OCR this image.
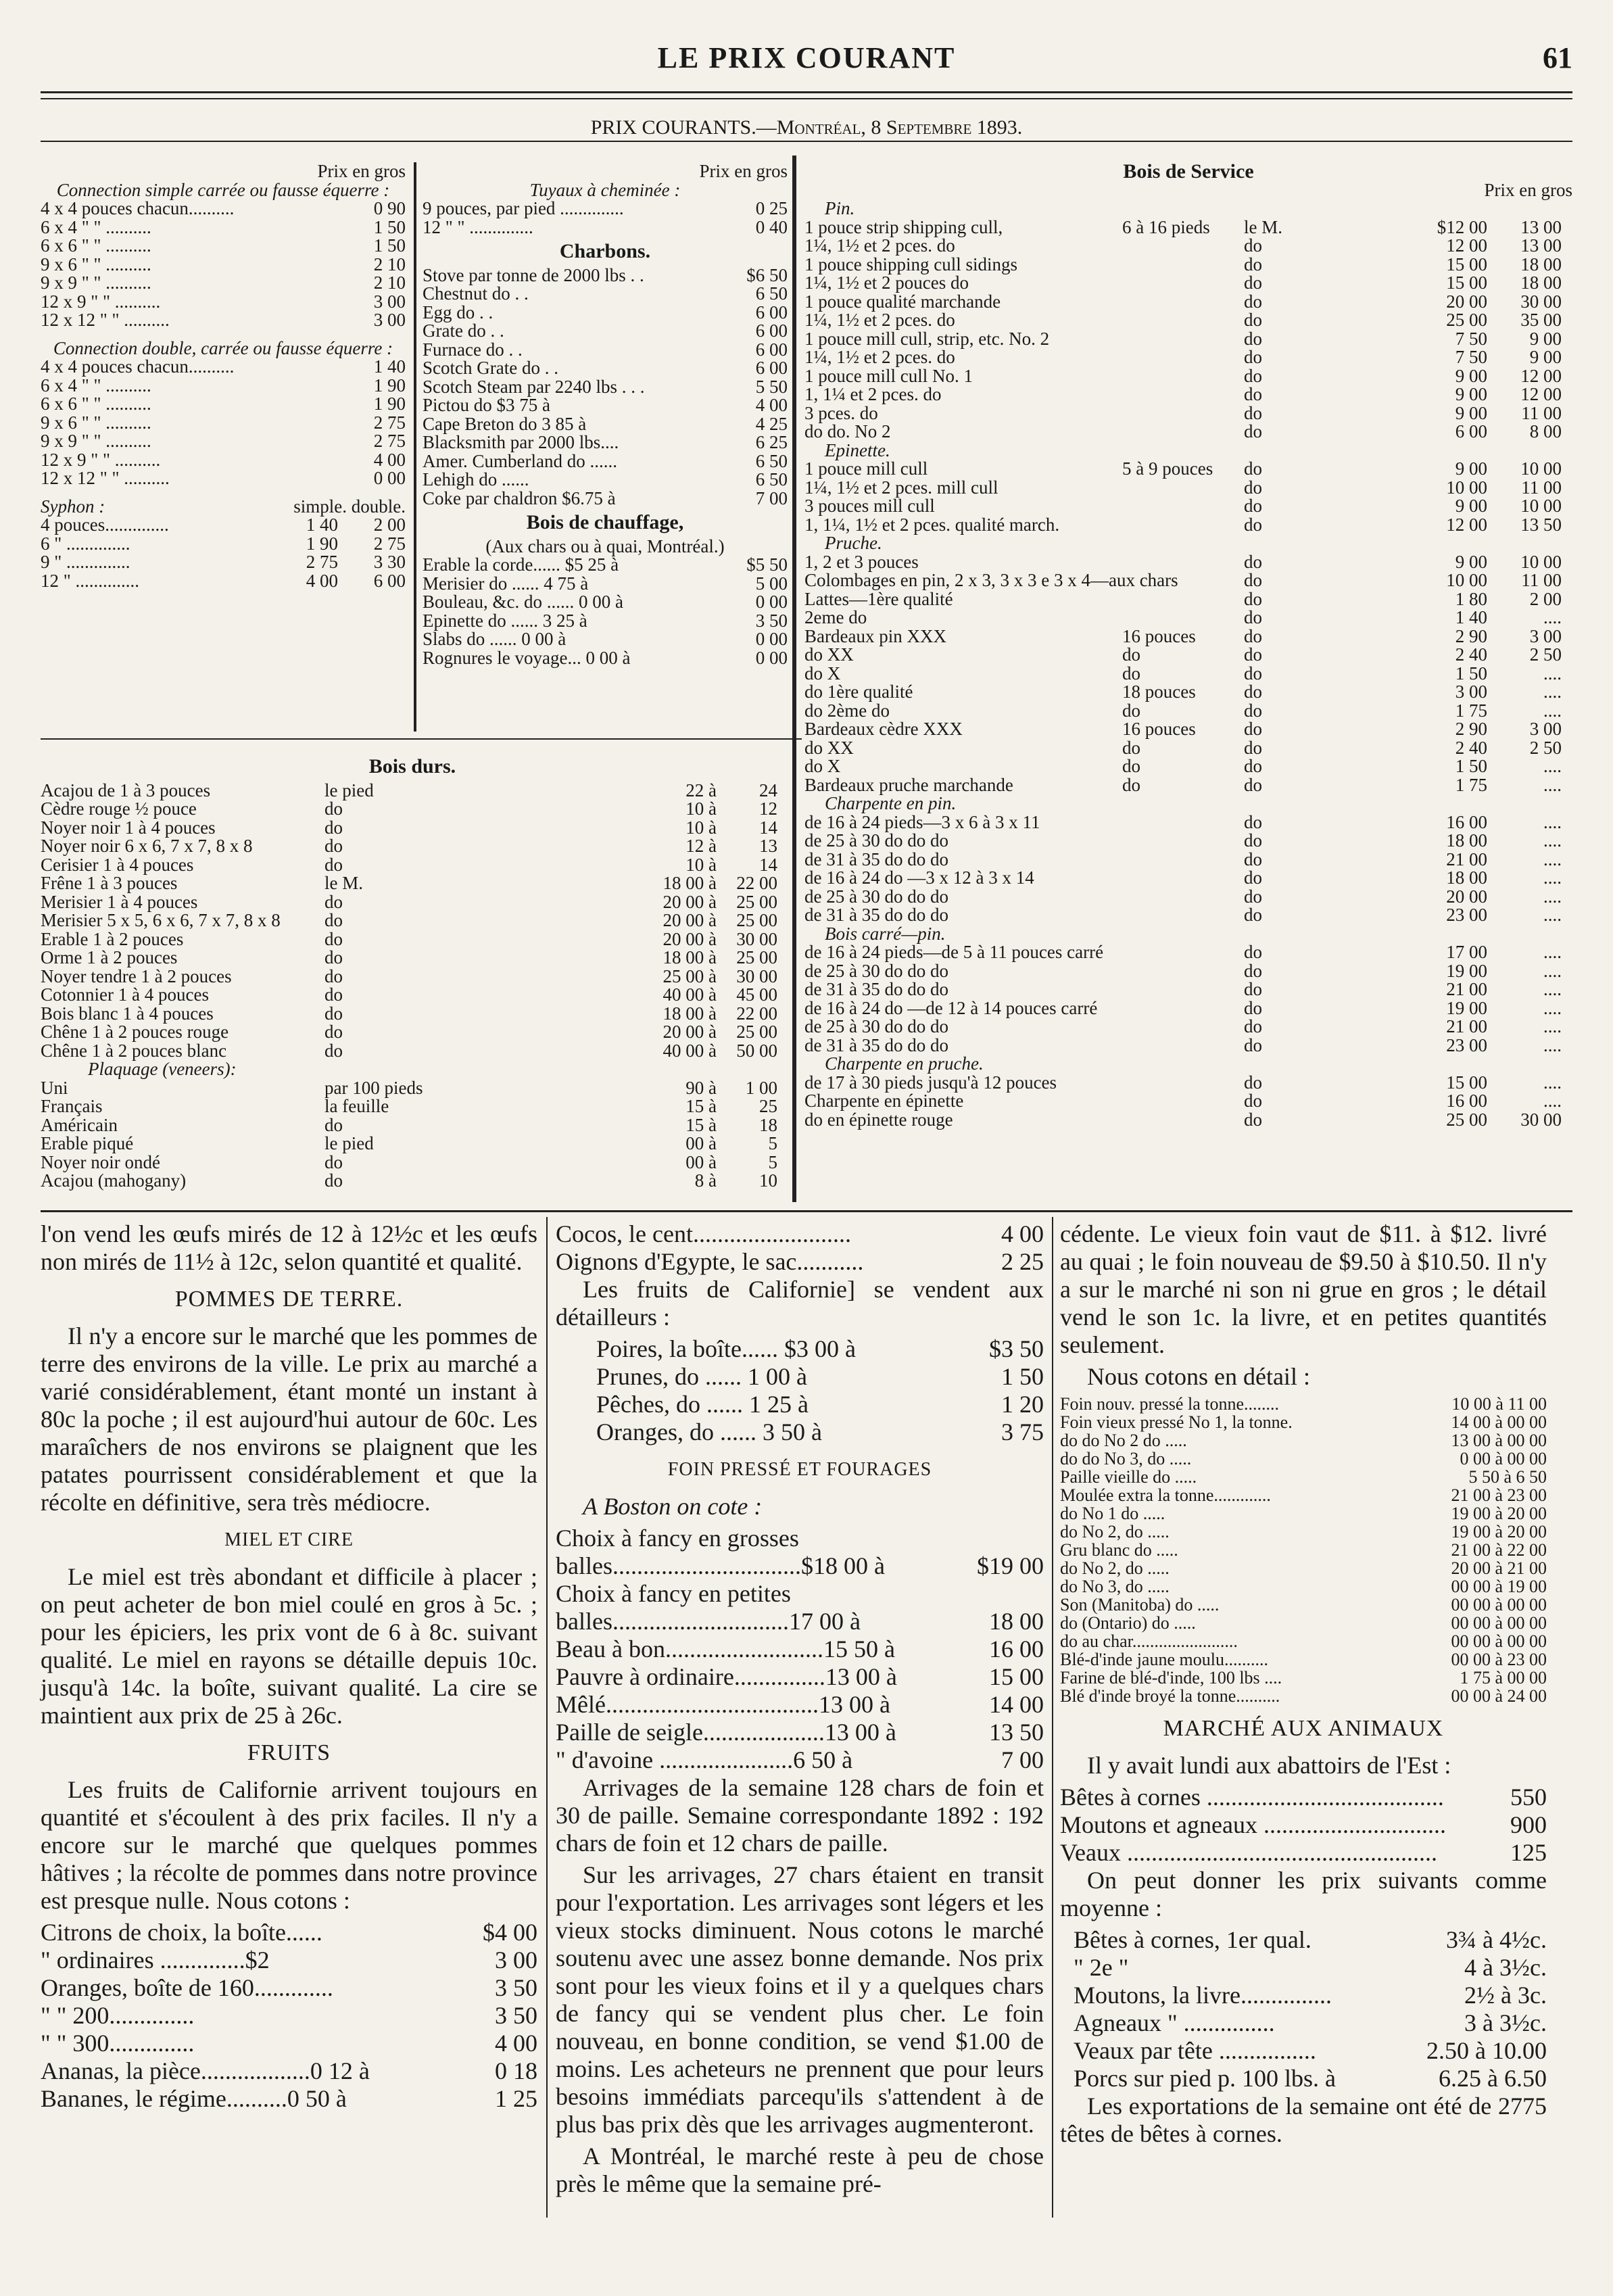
LE PRIX COURANT	61
PRIX COURANTS.—Montréal, 8 Septembre 1893.
Prix en gros
Connection simple carrée ou fausse équerre :
4 x 4 pouces chacun..........	0 90
6 x 4 " " ..........	1 50
6 x 6 " " ..........	1 50
9 x 6 " " ..........	2 10
9 x 9 " " ..........	2 10
12 x 9 " " ..........	3 00
12 x 12 " " ..........	3 00
Connection double, carrée ou fausse équerre :
4 x 4 pouces chacun..........	1 40
6 x 4 " " ..........	1 90
6 x 6 " " ..........	1 90
9 x 6 " " ..........	2 75
9 x 9 " " ..........	2 75
12 x 9 " " ..........	4 00
12 x 12 " " ..........	0 00
Syphon :	simple. double.
4 pouces..............	1 40	2 00
6 " ..............	1 90	2 75
9 " ..............	2 75	3 30
12 " ..............	4 00	6 00
Prix en gros
Tuyaux à cheminée :
9 pouces, par pied ..............	0 25
12 " " ..............	0 40
Charbons.
Stove par tonne de 2000 lbs . .	$6 50
Chestnut do . .	6 50
Egg do . .	6 00
Grate do . .	6 00
Furnace do . .	6 00
Scotch Grate do . .	6 00
Scotch Steam par 2240 lbs . . .	5 50
Pictou do $3 75 à	4 00
Cape Breton do 3 85 à	4 25
Blacksmith par 2000 lbs....	6 25
Amer. Cumberland do ......	6 50
Lehigh do ......	6 50
Coke par chaldron $6.75 à	7 00
Bois de chauffage,
(Aux chars ou à quai, Montréal.)
Erable la corde...... $5 25 à	$5 50
Merisier do ...... 4 75 à	5 00
Bouleau, &c. do ...... 0 00 à	0 00
Epinette do ...... 3 25 à	3 50
Slabs do ...... 0 00 à	0 00
Rognures le voyage... 0 00 à	0 00
Bois durs.
Acajou de 1 à 3 pouces	le pied	22 à	24
Cèdre rouge ½ pouce	do	10 à	12
Noyer noir 1 à 4 pouces	do	10 à	14
Noyer noir 6 x 6, 7 x 7, 8 x 8	do	12 à	13
Cerisier 1 à 4 pouces	do	10 à	14
Frêne 1 à 3 pouces	le M.	18 00 à	22 00
Merisier 1 à 4 pouces	do	20 00 à	25 00
Merisier 5 x 5, 6 x 6, 7 x 7, 8 x 8	do	20 00 à	25 00
Erable 1 à 2 pouces	do	20 00 à	30 00
Orme 1 à 2 pouces	do	18 00 à	25 00
Noyer tendre 1 à 2 pouces	do	25 00 à	30 00
Cotonnier 1 à 4 pouces	do	40 00 à	45 00
Bois blanc 1 à 4 pouces	do	18 00 à	22 00
Chêne 1 à 2 pouces rouge	do	20 00 à	25 00
Chêne 1 à 2 pouces blanc	do	40 00 à	50 00
Plaquage (veneers):
Uni	par 100 pieds	90 à	1 00
Français	la feuille	15 à	25
Américain	do	15 à	18
Erable piqué	le pied	00 à	5
Noyer noir ondé	do	00 à	5
Acajou (mahogany)	do	8 à	10
Bois de Service
Prix en gros
Pin.
1 pouce strip shipping cull,	6 à 16 pieds	le M.	$12 00	13 00
1¼, 1½ et 2 pces. do	do	12 00	13 00
1 pouce shipping cull sidings	do	15 00	18 00
1¼, 1½ et 2 pouces do	do	15 00	18 00
1 pouce qualité marchande	do	20 00	30 00
1¼, 1½ et 2 pces. do	do	25 00	35 00
1 pouce mill cull, strip, etc. No. 2	do	7 50	9 00
1¼, 1½ et 2 pces. do	do	7 50	9 00
1 pouce mill cull No. 1	do	9 00	12 00
1, 1¼ et 2 pces. do	do	9 00	12 00
3 pces. do	do	9 00	11 00
do do. No 2	do	6 00	8 00
Epinette.
1 pouce mill cull	5 à 9 pouces	do	9 00	10 00
1¼, 1½ et 2 pces. mill cull	do	10 00	11 00
3 pouces mill cull	do	9 00	10 00
1, 1¼, 1½ et 2 pces. qualité march.	do	12 00	13 50
Pruche.
1, 2 et 3 pouces	do	9 00	10 00
Colombages en pin, 2 x 3, 3 x 3 e 3 x 4—aux chars	do	10 00	11 00
Lattes—1ère qualité	do	1 80	2 00
2eme do	do	1 40	....
Bardeaux pin XXX	16 pouces	do	2 90	3 00
do XX	do	do	2 40	2 50
do X	do	do	1 50	....
do 1ère qualité	18 pouces	do	3 00	....
do 2ème do	do	do	1 75	....
Bardeaux cèdre XXX	16 pouces	do	2 90	3 00
do XX	do	do	2 40	2 50
do X	do	do	1 50	....
Bardeaux pruche marchande	do	do	1 75	....
Charpente en pin.
de 16 à 24 pieds—3 x 6 à 3 x 11	do	16 00	....
de 25 à 30 do do do	do	18 00	....
de 31 à 35 do do do	do	21 00	....
de 16 à 24 do —3 x 12 à 3 x 14	do	18 00	....
de 25 à 30 do do do	do	20 00	....
de 31 à 35 do do do	do	23 00	....
Bois carré—pin.
de 16 à 24 pieds—de 5 à 11 pouces carré	do	17 00	....
de 25 à 30 do do do	do	19 00	....
de 31 à 35 do do do	do	21 00	....
de 16 à 24 do —de 12 à 14 pouces carré	do	19 00	....
de 25 à 30 do do do	do	21 00	....
de 31 à 35 do do do	do	23 00	....
Charpente en pruche.
de 17 à 30 pieds jusqu'à 12 pouces	do	15 00	....
Charpente en épinette	do	16 00	....
do en épinette rouge	do	25 00	30 00

l'on vend les œufs mirés de 12 à 12½c et les œufs non mirés de 11½ à 12c, selon quantité et qualité.

POMMES DE TERRE.

Il n'y a encore sur le marché que les pommes de terre des environs de la ville. Le prix au marché a varié considérablement, étant monté un instant à 80c la poche ; il est aujourd'hui autour de 60c. Les maraîchers de nos environs se plaignent que les patates pourrissent considérablement et que la récolte en définitive, sera très médiocre.

MIEL ET CIRE

Le miel est très abondant et difficile à placer ; on peut acheter de bon miel coulé en gros à 5c. ; pour les épiciers, les prix vont de 6 à 8c. suivant qualité. Le miel en rayons se détaille depuis 10c. jusqu'à 14c. la boîte, suivant qualité. La cire se maintient aux prix de 25 à 26c.

FRUITS

Les fruits de Californie arrivent toujours en quantité et s'écoulent à des prix faciles. Il n'y a encore sur le marché que quelques pommes hâtives ; la récolte de pommes dans notre province est presque nulle. Nous cotons :

Citrons de choix, la boîte......	$4 00
" ordinaires ..............$2	3 00
Oranges, boîte de 160.............	3 50
" " 200..............	3 50
" " 300..............	4 00
Ananas, la pièce..................0 12 à	0 18
Bananes, le régime..........0 50 à	1 25
Cocos, le cent..........................	4 00
Oignons d'Egypte, le sac...........	2 25

Les fruits de Californie] se vendent aux détailleurs :

Poires, la boîte...... $3 00 à	$3 50
Prunes, do ...... 1 00 à	1 50
Pêches, do ...... 1 25 à	1 20
Oranges, do ...... 3 50 à	3 75

FOIN PRESSÉ ET FOURAGES

A Boston on cote :

Choix à fancy en grosses
balles...............................$18 00 à	$19 00
Choix à fancy en petites
balles.............................17 00 à	18 00
Beau à bon..........................15 50 à	16 00
Pauvre à ordinaire...............13 00 à	15 00
Mêlé...................................13 00 à	14 00
Paille de seigle....................13 00 à	13 50
" d'avoine ......................6 50 à	7 00

Arrivages de la semaine 128 chars de foin et 30 de paille. Semaine correspondante 1892 : 192 chars de foin et 12 chars de paille.

Sur les arrivages, 27 chars étaient en transit pour l'exportation. Les arrivages sont légers et les vieux stocks diminuent. Nous cotons le marché soutenu avec une assez bonne demande. Nos prix sont pour les vieux foins et il y a quelques chars de fancy qui se vendent plus cher. Le foin nouveau, en bonne condition, se vend $1.00 de moins. Les acheteurs ne prennent que pour leurs besoins immédiats parcequ'ils s'attendent à de plus bas prix dès que les arrivages augmenteront.

A Montréal, le marché reste à peu de chose près le même que la semaine pré-

cédente. Le vieux foin vaut de $11. à $12. livré au quai ; le foin nouveau de $9.50 à $10.50. Il n'y a sur le marché ni son ni grue en gros ; le détail vend le son 1c. la livre, et en petites quantités seulement.

Nous cotons en détail :

Foin nouv. pressé la tonne........	10 00 à 11 00
Foin vieux pressé No 1, la tonne.	14 00 à 00 00
do do No 2 do .....	13 00 à 00 00
do do No 3, do .....	0 00 à 00 00
Paille vieille do .....	5 50 à 6 50
Moulée extra la tonne.............	21 00 à 23 00
do No 1 do .....	19 00 à 20 00
do No 2, do .....	19 00 à 20 00
Gru blanc do .....	21 00 à 22 00
do No 2, do .....	20 00 à 21 00
do No 3, do .....	00 00 à 19 00
Son (Manitoba) do .....	00 00 à 00 00
do (Ontario) do .....	00 00 à 00 00
do au char........................	00 00 à 00 00
Blé-d'inde jaune moulu..........	00 00 à 23 00
Farine de blé-d'inde, 100 lbs ....	1 75 à 00 00
Blé d'inde broyé la tonne..........	00 00 à 24 00

MARCHÉ AUX ANIMAUX

Il y avait lundi aux abattoirs de l'Est :

Bêtes à cornes .......................................	550
Moutons et agneaux ..............................	900
Veaux ...................................................	125

On peut donner les prix suivants comme moyenne :

Bêtes à cornes, 1er qual.	3¾ à 4½c.
" 2e "	4 à 3½c.
Moutons, la livre...............	2½ à 3c.
Agneaux " ...............	3 à 3½c.
Veaux par tête ................	2.50 à 10.00
Porcs sur pied p. 100 lbs. à	6.25 à 6.50

Les exportations de la semaine ont été de 2775 têtes de bêtes à cornes.
